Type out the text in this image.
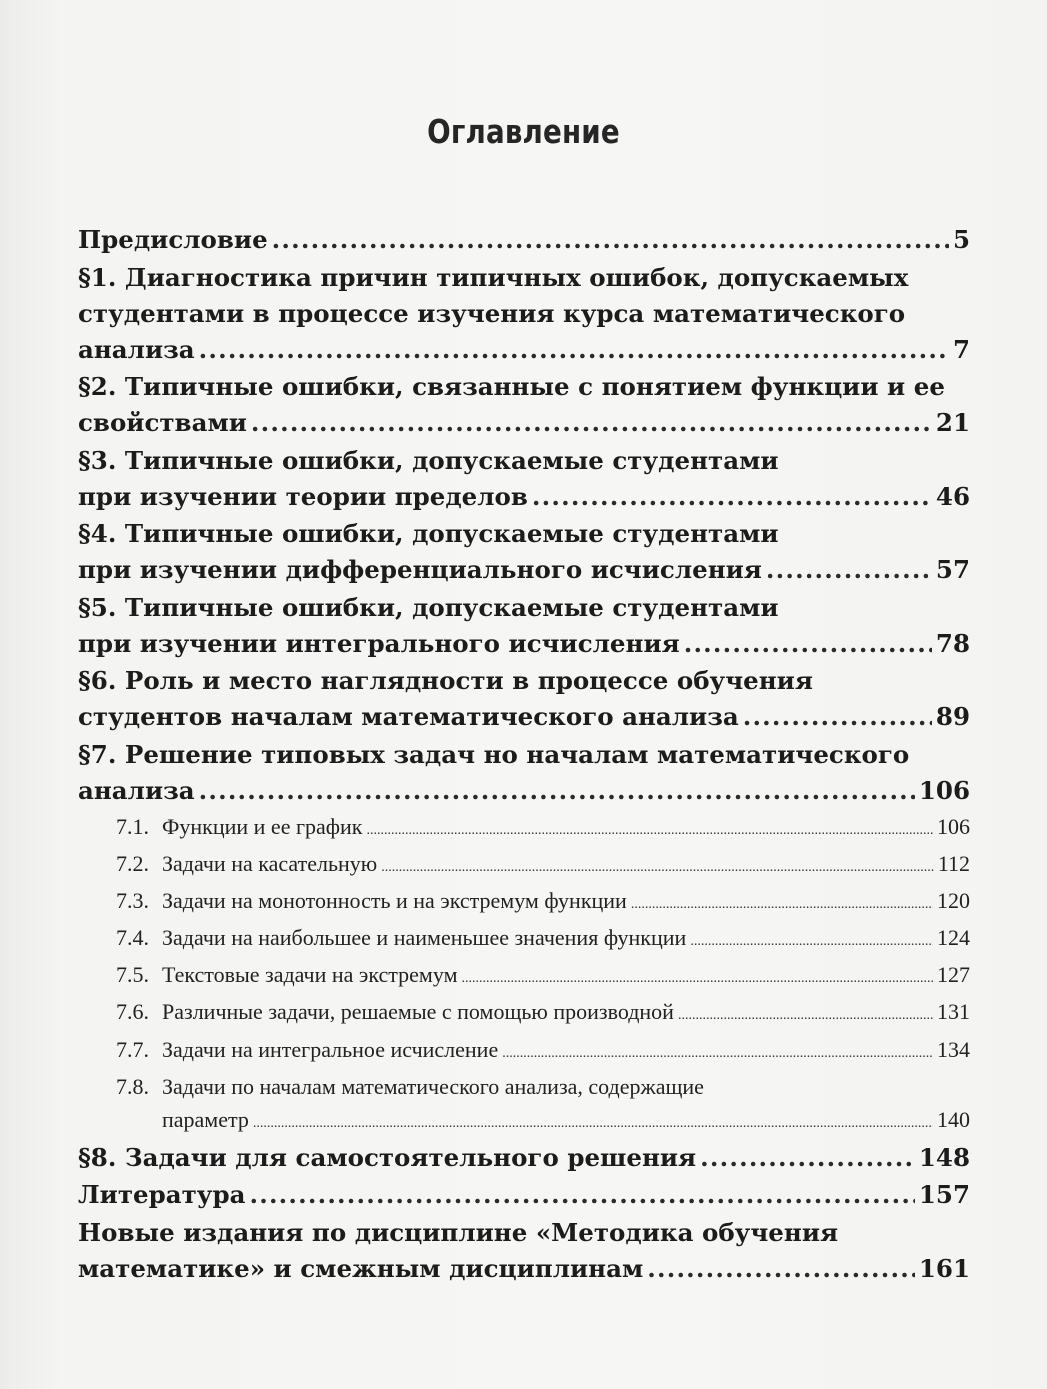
Оглавление
Предисловие .....	5
§1. Диагностика причин типичных ошибок, допускаемых
студентами в процессе изучения курса математического
анализа .....	7
§2. Типичные ошибки, связанные с понятием функции и ее
свойствами .....	21
§3. Типичные ошибки, допускаемые студентами
при изучении теории пределов .....	46
§4. Типичные ошибки, допускаемые студентами
при изучении дифференциального исчисления .....	57
§5. Типичные ошибки, допускаемые студентами
при изучении интегрального исчисления .....	78
§6. Роль и место наглядности в процессе обучения
студентов началам математического анализа .....	89
§7. Решение типовых задач но началам математического
анализа .....	106
7.1. Функции и ее график .....	106
7.2. Задачи на касательную .....	112
7.3. Задачи на монотонность и на экстремум функции .....	120
7.4. Задачи на наибольшее и наименьшее значения функции .....	124
7.5. Текстовые задачи на экстремум .....	127
7.6. Различные задачи, решаемые с помощью производной .....	131
7.7. Задачи на интегральное исчисление .....	134
7.8. Задачи по началам математического анализа, содержащие
параметр .....	140
§8. Задачи для самостоятельного решения .....	148
Литература .....	157
Новые издания по дисциплине «Методика обучения
математике» и смежным дисциплинам .....	161
